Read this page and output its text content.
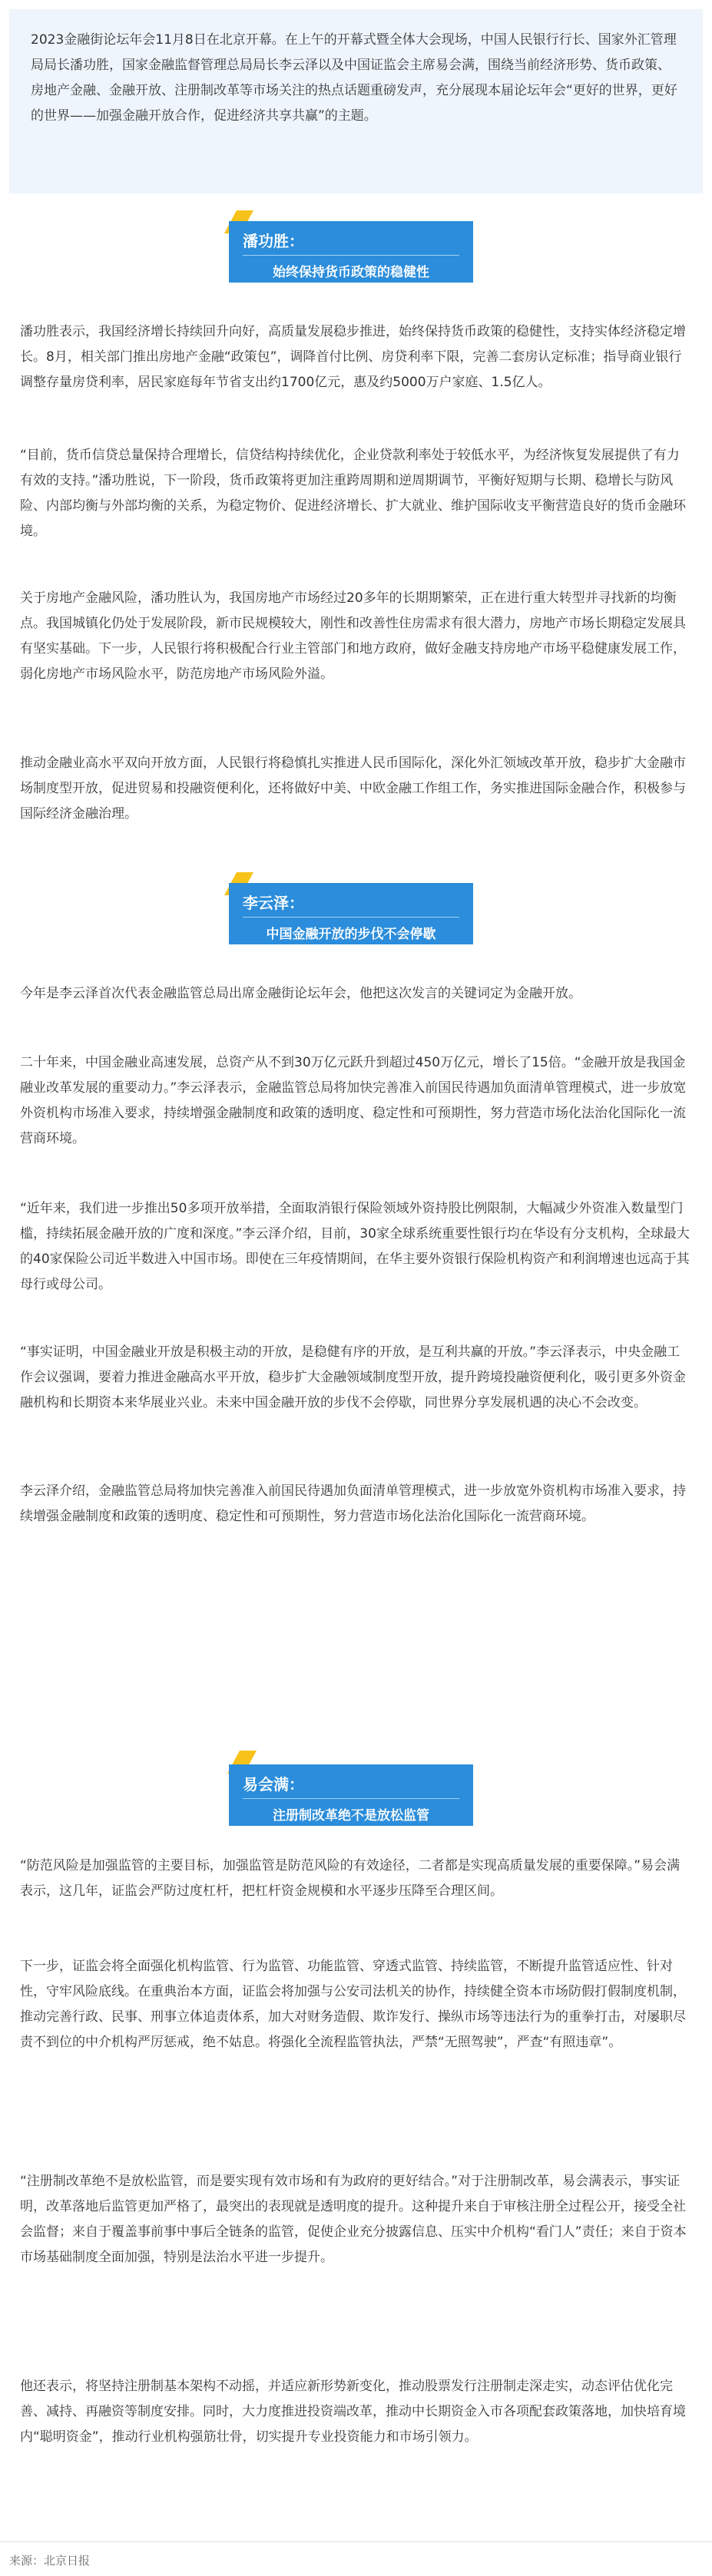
2023金融街论坛年会11月8日在北京开幕。在上午的开幕式暨全体大会现场，中国人民银行行长、国家外汇管理局局长潘功胜，国家金融监督管理总局局长李云泽以及中国证监会主席易会满，围绕当前经济形势、货币政策、房地产金融、金融开放、注册制改革等市场关注的热点话题重磅发声，充分展现本届论坛年会“更好的世界，更好的世界——加强金融开放合作，促进经济共享共赢”的主题。
潘功胜：
始终保持货币政策的稳健性

潘功胜表示，我国经济增长持续回升向好，高质量发展稳步推进，始终保持货币政策的稳健性，支持实体经济稳定增长。8月，相关部门推出房地产金融“政策包”，调降首付比例、房贷利率下限，完善二套房认定标准；指导商业银行调整存量房贷利率，居民家庭每年节省支出约1700亿元，惠及约5000万户家庭、1.5亿人。

“目前，货币信贷总量保持合理增长，信贷结构持续优化，企业贷款利率处于较低水平，为经济恢复发展提供了有力有效的支持。”潘功胜说，下一阶段，货币政策将更加注重跨周期和逆周期调节，平衡好短期与长期、稳增长与防风险、内部均衡与外部均衡的关系，为稳定物价、促进经济增长、扩大就业、维护国际收支平衡营造良好的货币金融环境。

关于房地产金融风险，潘功胜认为，我国房地产市场经过20多年的长期期繁荣，正在进行重大转型并寻找新的均衡点。我国城镇化仍处于发展阶段，新市民规模较大，刚性和改善性住房需求有很大潜力，房地产市场长期稳定发展具有坚实基础。下一步，人民银行将积极配合行业主管部门和地方政府，做好金融支持房地产市场平稳健康发展工作，弱化房地产市场风险水平，防范房地产市场风险外溢。

推动金融业高水平双向开放方面，人民银行将稳慎扎实推进人民币国际化，深化外汇领域改革开放，稳步扩大金融市场制度型开放，促进贸易和投融资便利化，还将做好中美、中欧金融工作组工作，务实推进国际金融合作，积极参与国际经济金融治理。

李云泽：
中国金融开放的步伐不会停歇

今年是李云泽首次代表金融监管总局出席金融街论坛年会，他把这次发言的关键词定为金融开放。

二十年来，中国金融业高速发展，总资产从不到30万亿元跃升到超过450万亿元，增长了15倍。“金融开放是我国金融业改革发展的重要动力。”李云泽表示，金融监管总局将加快完善准入前国民待遇加负面清单管理模式，进一步放宽外资机构市场准入要求，持续增强金融制度和政策的透明度、稳定性和可预期性，努力营造市场化法治化国际化一流营商环境。

“近年来，我们进一步推出50多项开放举措，全面取消银行保险领域外资持股比例限制，大幅减少外资准入数量型门槛，持续拓展金融开放的广度和深度。”李云泽介绍，目前，30家全球系统重要性银行均在华设有分支机构，全球最大的40家保险公司近半数进入中国市场。即使在三年疫情期间，在华主要外资银行保险机构资产和利润增速也远高于其母行或母公司。

“事实证明，中国金融业开放是积极主动的开放，是稳健有序的开放，是互利共赢的开放。”李云泽表示，中央金融工作会议强调，要着力推进金融高水平开放，稳步扩大金融领域制度型开放，提升跨境投融资便利化，吸引更多外资金融机构和长期资本来华展业兴业。未来中国金融开放的步伐不会停歇，同世界分享发展机遇的决心不会改变。

李云泽介绍，金融监管总局将加快完善准入前国民待遇加负面清单管理模式，进一步放宽外资机构市场准入要求，持续增强金融制度和政策的透明度、稳定性和可预期性，努力营造市场化法治化国际化一流营商环境。

易会满：
注册制改革绝不是放松监管

“防范风险是加强监管的主要目标，加强监管是防范风险的有效途径，二者都是实现高质量发展的重要保障。”易会满表示，这几年，证监会严防过度杠杆，把杠杆资金规模和水平逐步压降至合理区间。

下一步，证监会将全面强化机构监管、行为监管、功能监管、穿透式监管、持续监管，不断提升监管适应性、针对性，守牢风险底线。在重典治本方面，证监会将加强与公安司法机关的协作，持续健全资本市场防假打假制度机制，推动完善行政、民事、刑事立体追责体系，加大对财务造假、欺诈发行、操纵市场等违法行为的重拳打击，对屡职尽责不到位的中介机构严厉惩戒，绝不姑息。将强化全流程监管执法，严禁“无照驾驶”，严查“有照违章”。

“注册制改革绝不是放松监管，而是要实现有效市场和有为政府的更好结合。”对于注册制改革，易会满表示，事实证明，改革落地后监管更加严格了，最突出的表现就是透明度的提升。这种提升来自于审核注册全过程公开，接受全社会监督；来自于覆盖事前事中事后全链条的监管，促使企业充分披露信息、压实中介机构“看门人”责任；来自于资本市场基础制度全面加强，特别是法治水平进一步提升。

他还表示，将坚持注册制基本架构不动摇，并适应新形势新变化，推动股票发行注册制走深走实，动态评估优化完善、减持、再融资等制度安排。同时，大力度推进投资端改革，推动中长期资金入市各项配套政策落地，加快培育境内“聪明资金”，推动行业机构强筋壮骨，切实提升专业投资能力和市场引领力。

来源：北京日报
